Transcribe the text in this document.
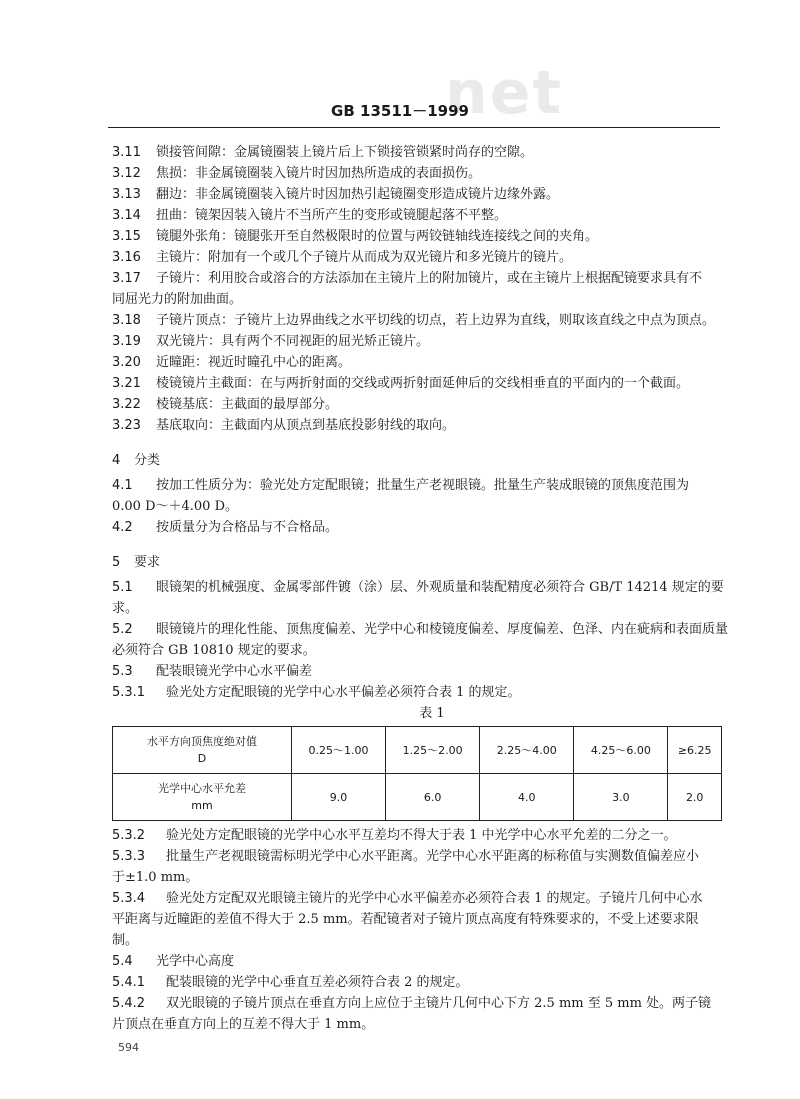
net
GB 13511－1999

3.11 锁接管间隙：金属镜圈装上镜片后上下锁接管锁紧时尚存的空隙。

3.12 焦损：非金属镜圈装入镜片时因加热所造成的表面损伤。

3.13 翻边：非金属镜圈装入镜片时因加热引起镜圈变形造成镜片边缘外露。

3.14 扭曲：镜架因装入镜片不当所产生的变形或镜腿起落不平整。

3.15 镜腿外张角：镜腿张开至自然极限时的位置与两铰链轴线连接线之间的夹角。

3.16 主镜片：附加有一个或几个子镜片从而成为双光镜片和多光镜片的镜片。

3.17 子镜片：利用胶合或溶合的方法添加在主镜片上的附加镜片，或在主镜片上根据配镜要求具有不

同屈光力的附加曲面。

3.18 子镜片顶点：子镜片上边界曲线之水平切线的切点，若上边界为直线，则取该直线之中点为顶点。

3.19 双光镜片：具有两个不同视距的屈光矫正镜片。

3.20 近瞳距：视近时瞳孔中心的距离。

3.21 棱镜镜片主截面：在与两折射面的交线或两折射面延伸后的交线相垂直的平面内的一个截面。

3.22 棱镜基底：主截面的最厚部分。

3.23 基底取向：主截面内从顶点到基底投影射线的取向。

4 分类

4.1 按加工性质分为：验光处方定配眼镜；批量生产老视眼镜。批量生产装成眼镜的顶焦度范围为

0.00 D～＋4.00 D。

4.2 按质量分为合格品与不合格品。

5 要求

5.1 眼镜架的机械强度、金属零部件镀（涂）层、外观质量和装配精度必须符合 GB/T 14214 规定的要

求。

5.2 眼镜镜片的理化性能、顶焦度偏差、光学中心和棱镜度偏差、厚度偏差、色泽、内在疵病和表面质量

必须符合 GB 10810 规定的要求。

5.3 配装眼镜光学中心水平偏差

5.3.1 验光处方定配眼镜的光学中心水平偏差必须符合表 1 的规定。

表 1

水平方向顶焦度绝对值
D	0.25～1.00	1.25～2.00	2.25～4.00	4.25～6.00	≥6.25

光学中心水平允差
mm	9.0	6.0	4.0	3.0	2.0

5.3.2 验光处方定配眼镜的光学中心水平互差均不得大于表 1 中光学中心水平允差的二分之一。

5.3.3 批量生产老视眼镜需标明光学中心水平距离。光学中心水平距离的标称值与实测数值偏差应小

于±1.0 mm。

5.3.4 验光处方定配双光眼镜主镜片的光学中心水平偏差亦必须符合表 1 的规定。子镜片几何中心水

平距离与近瞳距的差值不得大于 2.5 mm。若配镜者对子镜片顶点高度有特殊要求的，不受上述要求限

制。

5.4 光学中心高度

5.4.1 配装眼镜的光学中心垂直互差必须符合表 2 的规定。

5.4.2 双光眼镜的子镜片顶点在垂直方向上应位于主镜片几何中心下方 2.5 mm 至 5 mm 处。两子镜

片顶点在垂直方向上的互差不得大于 1 mm。

594
